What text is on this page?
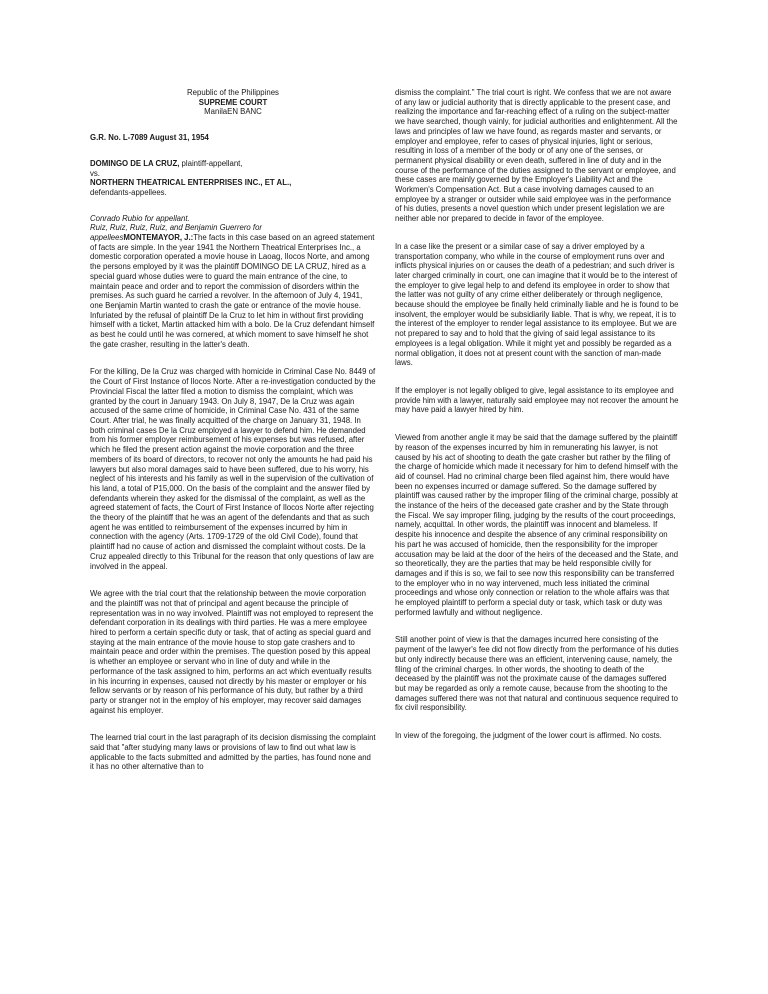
Republic of the Philippines

SUPREME COURT

ManilaEN BANC

G.R. No. L-7089 August 31, 1954

DOMINGO DE LA CRUZ, plaintiff-appellant,

vs.

NORTHERN THEATRICAL ENTERPRISES INC., ET AL.,

defendants-appellees.

Conrado Rubio for appellant.

Ruiz, Ruiz, Ruiz, Ruiz, and Benjamin Guerrero for

appelleesMONTEMAYOR, J.:The facts in this case based on an agreed statement of facts are simple. In the year 1941 the Northern Theatrical Enterprises Inc., a domestic corporation operated a movie house in Laoag, Ilocos Norte, and among the persons employed by it was the plaintiff DOMINGO DE LA CRUZ, hired as a special guard whose duties were to guard the main entrance of the cine, to maintain peace and order and to report the commission of disorders within the premises. As such guard he carried a revolver. In the afternoon of July 4, 1941, one Benjamin Martin wanted to crash the gate or entrance of the movie house. Infuriated by the refusal of plaintiff De la Cruz to let him in without first providing himself with a ticket, Martin attacked him with a bolo. De la Cruz defendant himself as best he could until he was cornered, at which moment to save himself he shot the gate crasher, resulting in the latter's death.

For the killing, De la Cruz was charged with homicide in Criminal Case No. 8449 of the Court of First Instance of Ilocos Norte. After a re-investigation conducted by the Provincial Fiscal the latter filed a motion to dismiss the complaint, which was granted by the court in January 1943. On July 8, 1947, De la Cruz was again accused of the same crime of homicide, in Criminal Case No. 431 of the same Court. After trial, he was finally acquitted of the charge on January 31, 1948. In both criminal cases De la Cruz employed a lawyer to defend him. He demanded from his former employer reimbursement of his expenses but was refused, after which he filed the present action against the movie corporation and the three members of its board of directors, to recover not only the amounts he had paid his lawyers but also moral damages said to have been suffered, due to his worry, his neglect of his interests and his family as well in the supervision of the cultivation of his land, a total of P15,000. On the basis of the complaint and the answer filed by defendants wherein they asked for the dismissal of the complaint, as well as the agreed statement of facts, the Court of First Instance of Ilocos Norte after rejecting the theory of the plaintiff that he was an agent of the defendants and that as such agent he was entitled to reimbursement of the expenses incurred by him in connection with the agency (Arts. 1709-1729 of the old Civil Code), found that plaintiff had no cause of action and dismissed the complaint without costs. De la Cruz appealed directly to this Tribunal for the reason that only questions of law are involved in the appeal.

We agree with the trial court that the relationship between the movie corporation and the plaintiff was not that of principal and agent because the principle of representation was in no way involved. Plaintiff was not employed to represent the defendant corporation in its dealings with third parties. He was a mere employee hired to perform a certain specific duty or task, that of acting as special guard and staying at the main entrance of the movie house to stop gate crashers and to maintain peace and order within the premises. The question posed by this appeal is whether an employee or servant who in line of duty and while in the performance of the task assigned to him, performs an act which eventually results in his incurring in expenses, caused not directly by his master or employer or his fellow servants or by reason of his performance of his duty, but rather by a third party or stranger not in the employ of his employer, may recover said damages against his employer.

The learned trial court in the last paragraph of its decision dismissing the complaint said that "after studying many laws or provisions of law to find out what law is applicable to the facts submitted and admitted by the parties, has found none and it has no other alternative than to

dismiss the complaint." The trial court is right. We confess that we are not aware of any law or judicial authority that is directly applicable to the present case, and realizing the importance and far-reaching effect of a ruling on the subject-matter we have searched, though vainly, for judicial authorities and enlightenment. All the laws and principles of law we have found, as regards master and servants, or employer and employee, refer to cases of physical injuries, light or serious, resulting in loss of a member of the body or of any one of the senses, or permanent physical disability or even death, suffered in line of duty and in the course of the performance of the duties assigned to the servant or employee, and these cases are mainly governed by the Employer's Liability Act and the Workmen's Compensation Act. But a case involving damages caused to an employee by a stranger or outsider while said employee was in the performance of his duties, presents a novel question which under present legislation we are neither able nor prepared to decide in favor of the employee.

In a case like the present or a similar case of say a driver employed by a transportation company, who while in the course of employment runs over and inflicts physical injuries on or causes the death of a pedestrian; and such driver is later charged criminally in court, one can imagine that it would be to the interest of the employer to give legal help to and defend its employee in order to show that the latter was not guilty of any crime either deliberately or through negligence, because should the employee be finally held criminally liable and he is found to be insolvent, the employer would be subsidiarily liable. That is why, we repeat, it is to the interest of the employer to render legal assistance to its employee. But we are not prepared to say and to hold that the giving of said legal assistance to its employees is a legal obligation. While it might yet and possibly be regarded as a normal obligation, it does not at present count with the sanction of man-made laws.

If the employer is not legally obliged to give, legal assistance to its employee and provide him with a lawyer, naturally said employee may not recover the amount he may have paid a lawyer hired by him.

Viewed from another angle it may be said that the damage suffered by the plaintiff by reason of the expenses incurred by him in remunerating his lawyer, is not caused by his act of shooting to death the gate crasher but rather by the filing of the charge of homicide which made it necessary for him to defend himself with the aid of counsel. Had no criminal charge been filed against him, there would have been no expenses incurred or damage suffered. So the damage suffered by plaintiff was caused rather by the improper filing of the criminal charge, possibly at the instance of the heirs of the deceased gate crasher and by the State through the Fiscal. We say improper filing, judging by the results of the court proceedings, namely, acquittal. In other words, the plaintiff was innocent and blameless. If despite his innocence and despite the absence of any criminal responsibility on his part he was accused of homicide, then the responsibility for the improper accusation may be laid at the door of the heirs of the deceased and the State, and so theoretically, they are the parties that may be held responsible civilly for damages and if this is so, we fail to see now this responsibility can be transferred to the employer who in no way intervened, much less initiated the criminal proceedings and whose only connection or relation to the whole affairs was that he employed plaintiff to perform a special duty or task, which task or duty was performed lawfully and without negligence.

Still another point of view is that the damages incurred here consisting of the payment of the lawyer's fee did not flow directly from the performance of his duties but only indirectly because there was an efficient, intervening cause, namely, the filing of the criminal charges. In other words, the shooting to death of the deceased by the plaintiff was not the proximate cause of the damages suffered but may be regarded as only a remote cause, because from the shooting to the damages suffered there was not that natural and continuous sequence required to fix civil responsibility.

In view of the foregoing, the judgment of the lower court is affirmed. No costs.
